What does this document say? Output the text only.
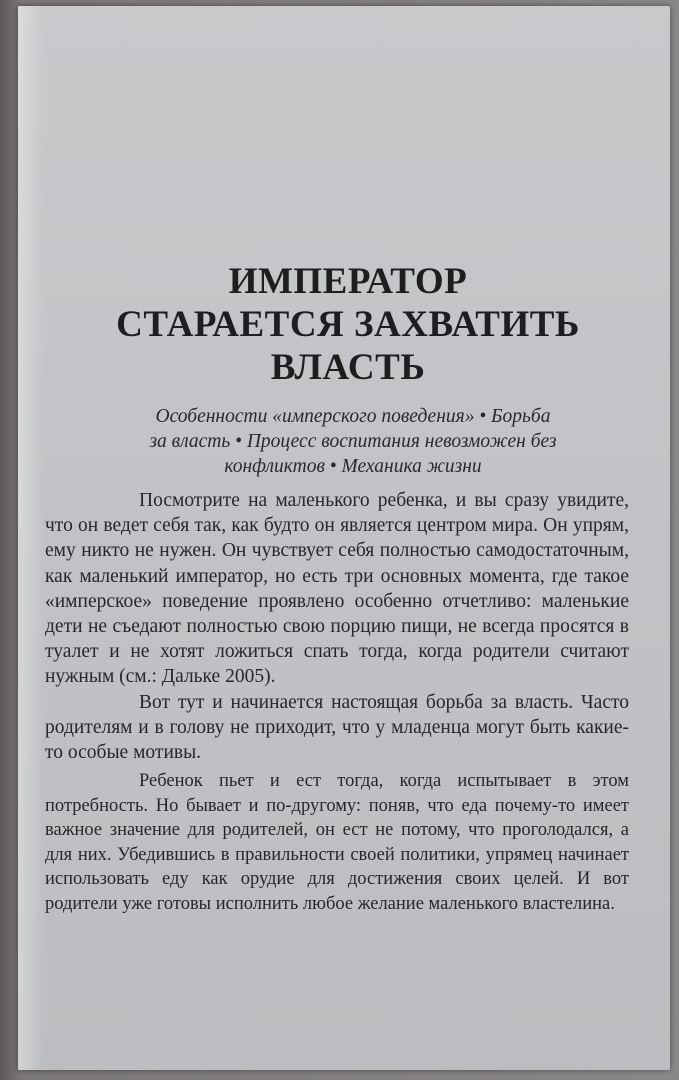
ИМПЕРАТОР
СТАРАЕТСЯ ЗАХВАТИТЬ
ВЛАСТЬ
Особенности «имперского поведения» • Борьба
за власть • Процесс воспитания невозможен без
конфликтов • Механика жизни

Посмотрите на маленького ребенка, и вы сразу увидите, что он ведет себя так, как будто он является центром мира. Он упрям, ему никто не нужен. Он чувствует себя полностью самодостаточным, как маленький император, но есть три основных момента, где такое «имперское» поведение проявлено особенно отчетливо: маленькие дети не съедают полностью свою порцию пищи, не всегда просятся в туалет и не хотят ложиться спать тогда, когда родители считают нужным (см.: Дальке 2005).

Вот тут и начинается настоящая борьба за власть. Часто родителям и в голову не приходит, что у младенца могут быть какие-то особые мотивы.

Ребенок пьет и ест тогда, когда испытывает в этом потребность. Но бывает и по-другому: поняв, что еда почему-то имеет важное значение для родителей, он ест не потому, что проголодался, а для них. Убедившись в правильности своей политики, упрямец начинает использовать еду как орудие для достижения своих целей. И вот родители уже готовы исполнить любое желание маленького властелина.
